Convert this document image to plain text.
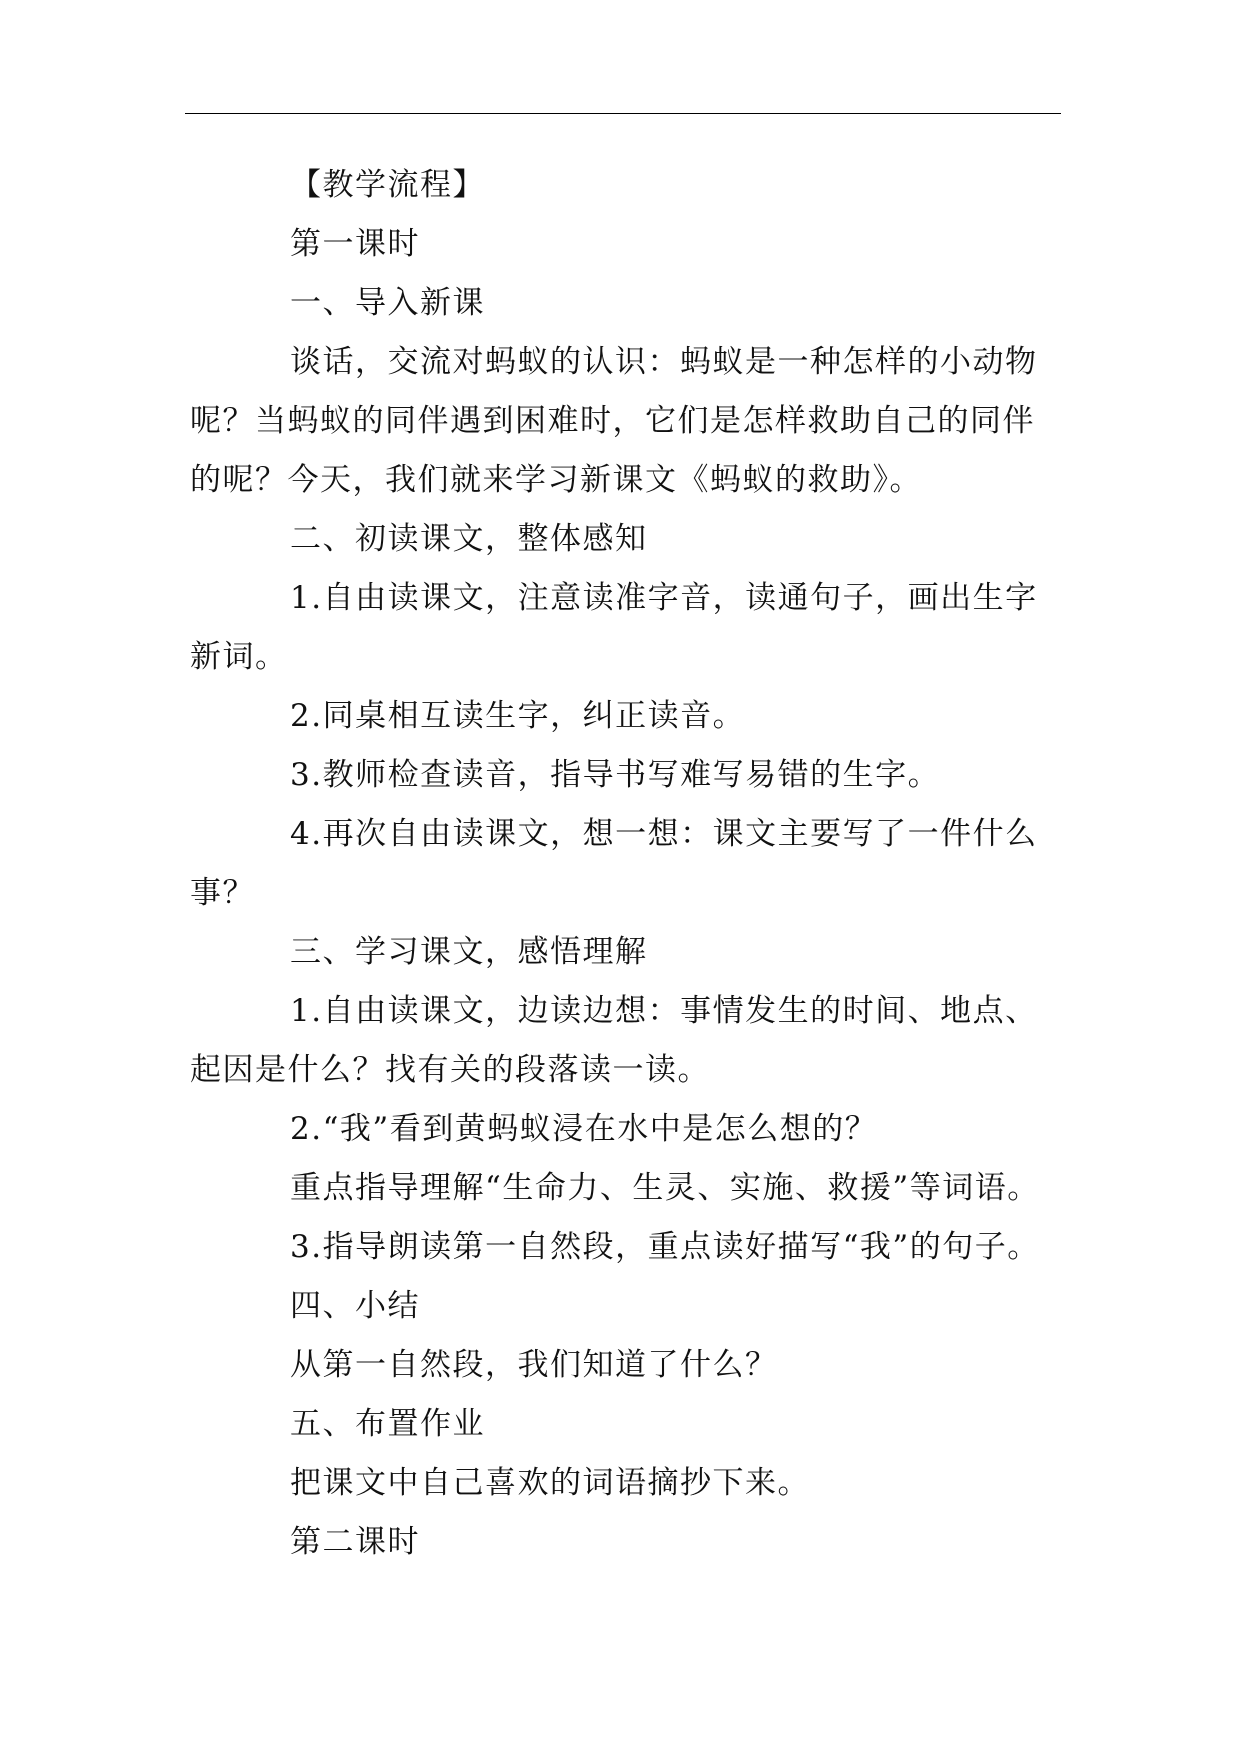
【教学流程】

第一课时

一、导入新课

谈话，交流对蚂蚁的认识：蚂蚁是一种怎样的小动物呢？当蚂蚁的同伴遇到困难时，它们是怎样救助自己的同伴的呢？今天，我们就来学习新课文《蚂蚁的救助》。

二、初读课文，整体感知

1.自由读课文，注意读准字音，读通句子，画出生字新词。

2.同桌相互读生字，纠正读音。

3.教师检查读音，指导书写难写易错的生字。

4.再次自由读课文，想一想：课文主要写了一件什么事？

三、学习课文，感悟理解

1.自由读课文，边读边想：事情发生的时间、地点、起因是什么？找有关的段落读一读。

2.“我”看到黄蚂蚁浸在水中是怎么想的？

重点指导理解“生命力、生灵、实施、救援”等词语。

3.指导朗读第一自然段，重点读好描写“我”的句子。

四、小结

从第一自然段，我们知道了什么？

五、布置作业

把课文中自己喜欢的词语摘抄下来。

第二课时
